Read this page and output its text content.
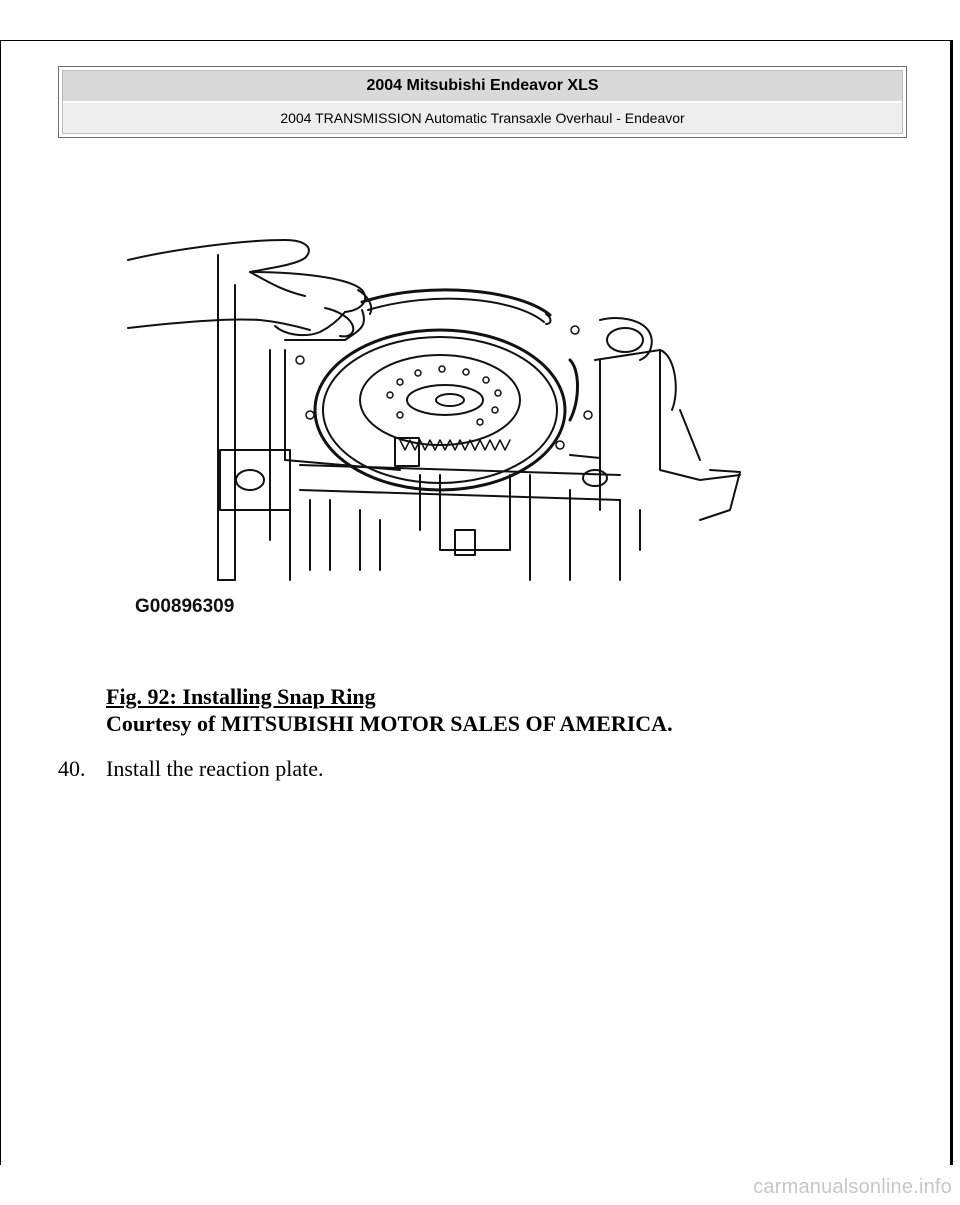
2004 Mitsubishi Endeavor XLS
2004 TRANSMISSION Automatic Transaxle Overhaul - Endeavor
G00896309
Fig. 92: Installing Snap Ring
Courtesy of MITSUBISHI MOTOR SALES OF AMERICA.
40. Install the reaction plate.
carmanualsonline.info
